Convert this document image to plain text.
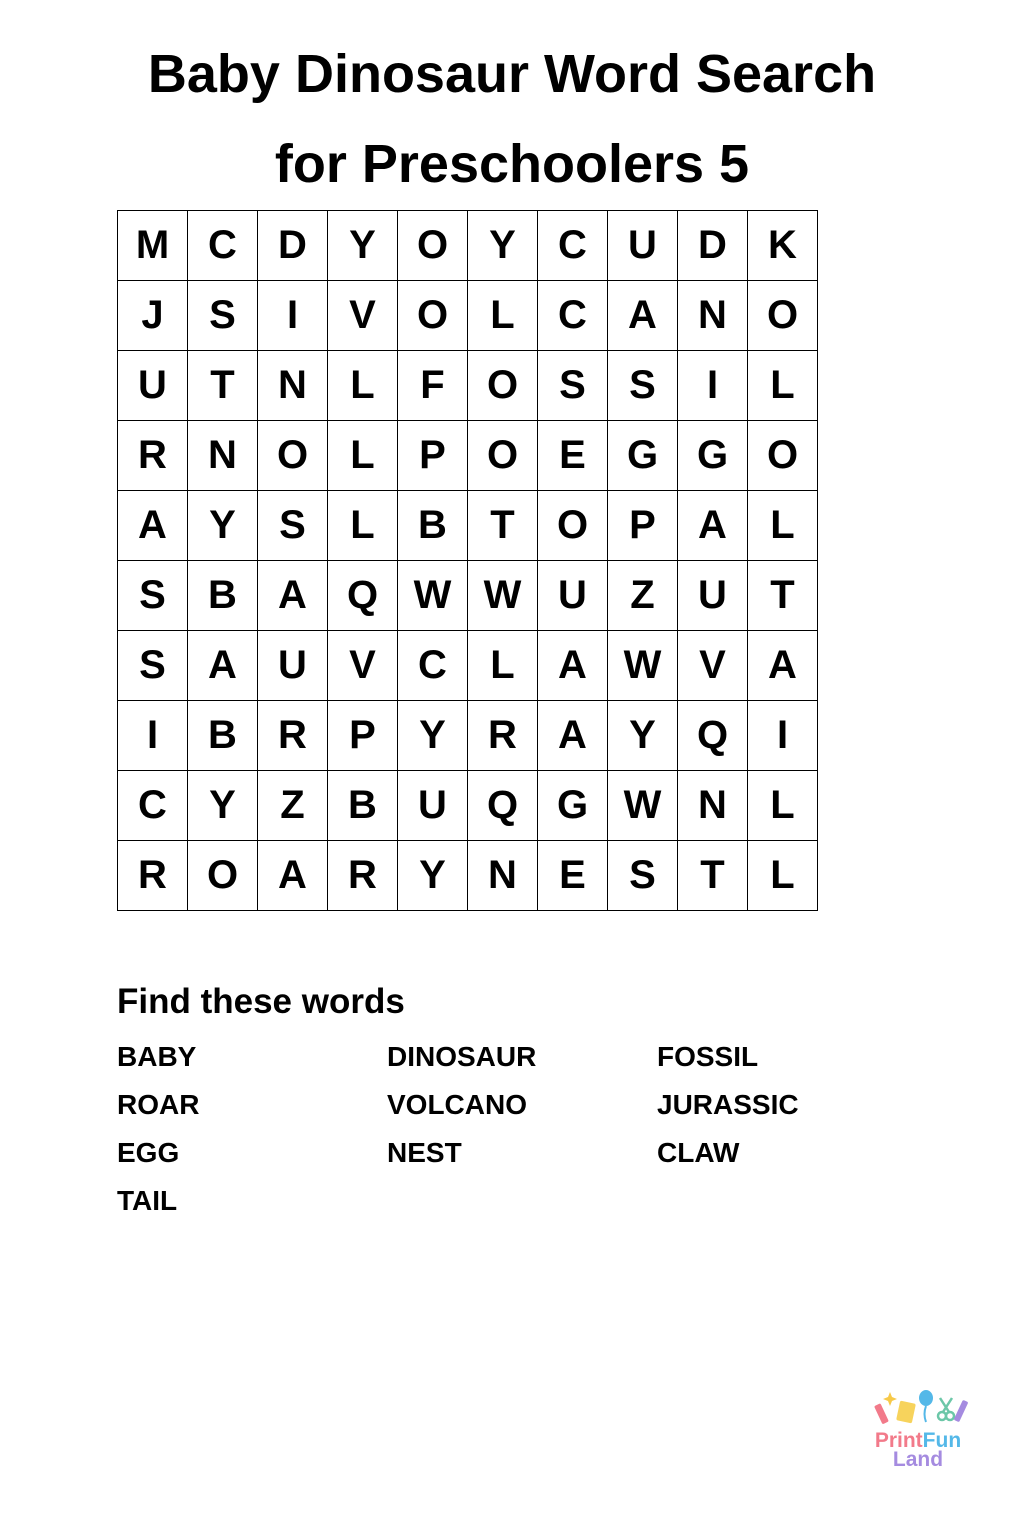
Baby Dinosaur Word Search
for Preschoolers 5
M C	D	Y	O	Y	C	U	D	K
J	S	I	V	O	L	C	A	N	O
U	T	N	L	F	O	S	S	I	L
R	N	O	L	P	O	E	G G O
A	Y	S	L	B	T	O	P	A	L
S	B	A	Q W W U	Z	U	T
S	A	U	V	C	L	A W V	A
I	B	R	P	Y	R	A	Y	Q	I
C	Y	Z	B	U	Q G W N	L
R	O A	R	Y	N	E	S	T	L
Find these words
BABY	DINOSAUR	FOSSIL
ROAR	VOLCANO	JURASSIC
EGG	NEST	CLAW
TAIL
PrintFun
Land
